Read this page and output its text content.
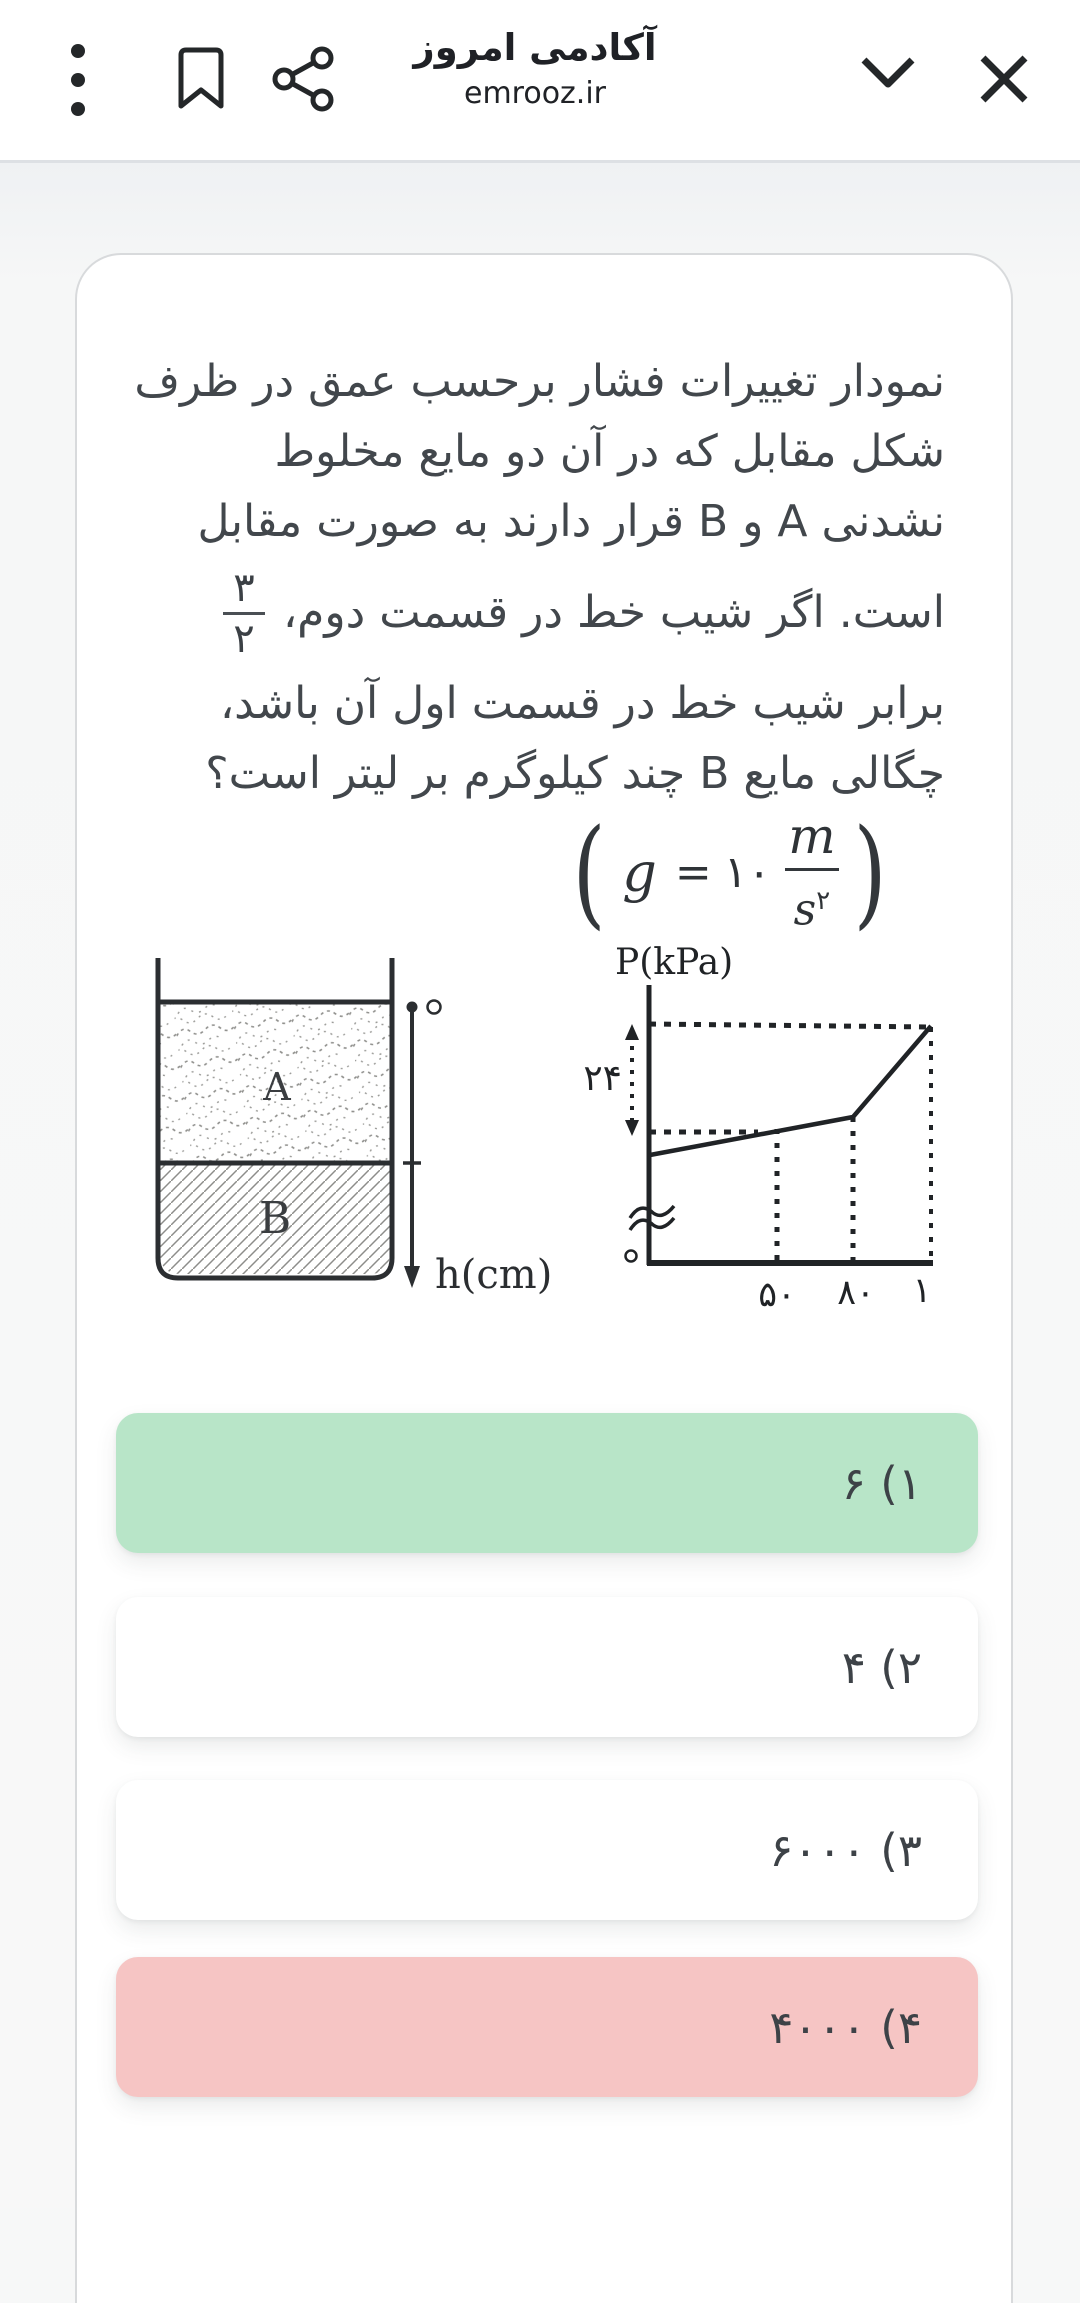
آکادمی امروز
emrooz.ir
نمودار تغییرات فشار برحسب عمق در ظرف
شکل مقابل که در آن دو مایع مخلوط
نشدنی A و B قرار دارند به صورت مقابل
است. اگر شیب خط در قسمت دوم،
$\frac{۳}{۲}$
برابر شیب خط در قسمت اول آن باشد،
چگالی مایع B چند کیلوگرم بر لیتر است؟
( g = ۱۰ $\frac{m}{s^۲}$ )
A
B
h(cm)
P(kPa)
۲۴
۵۰ ۸۰ ۱
۱) ۶
۲) ۴
۳) ۶۰۰۰
۴) ۴۰۰۰
